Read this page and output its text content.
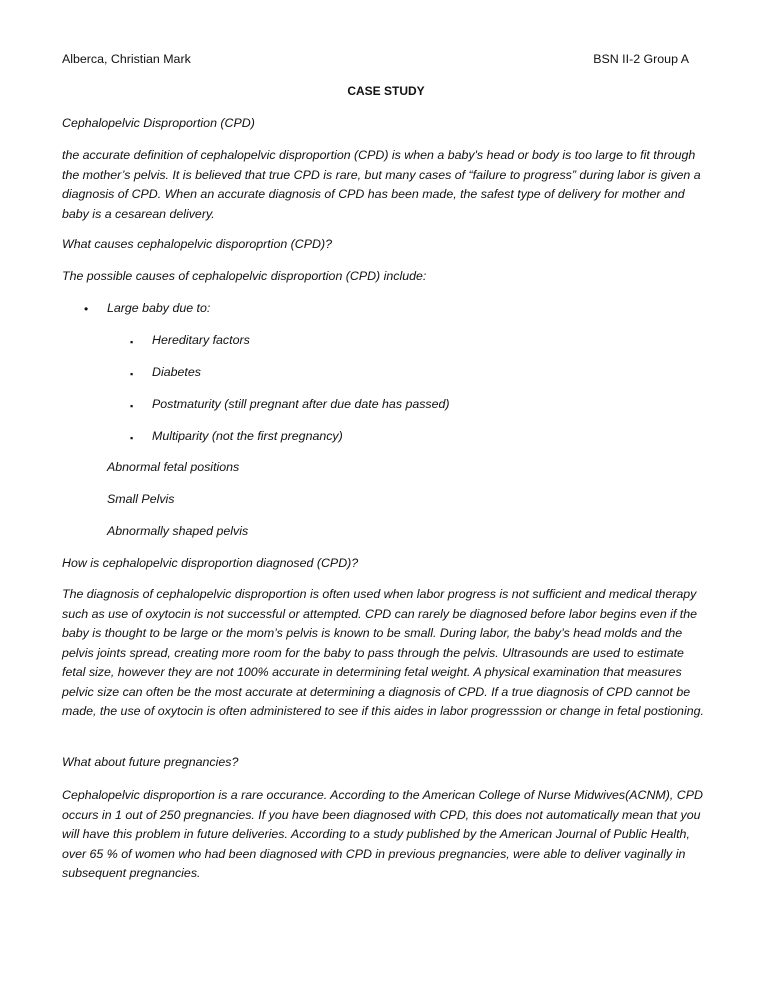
Alberca, Christian Mark	BSN II-2 Group A
CASE STUDY
Cephalopelvic Disproportion (CPD)

the accurate definition of cephalopelvic disproportion (CPD) is when a baby's head or body is too large to fit through the mother’s pelvis. It is believed that true CPD is rare, but many cases of “failure to progress” during labor is given a diagnosis of CPD. When an accurate diagnosis of CPD has been made, the safest type of delivery for mother and baby is a cesarean delivery.

What causes cephalopelvic disporoprtion (CPD)?
The possible causes of cephalopelvic disproportion (CPD) include:
• Large baby due to:
▪ Hereditary factors
▪ Diabetes
▪ Postmaturity (still pregnant after due date has passed)
▪ Multiparity (not the first pregnancy)
Abnormal fetal positions
Small Pelvis
Abnormally shaped pelvis
How is cephalopelvic disproportion diagnosed (CPD)?

The diagnosis of cephalopelvic disproportion is often used when labor progress is not sufficient and medical therapy such as use of oxytocin is not successful or attempted. CPD can rarely be diagnosed before labor begins even if the baby is thought to be large or the mom’s pelvis is known to be small. During labor, the baby’s head molds and the pelvis joints spread, creating more room for the baby to pass through the pelvis. Ultrasounds are used to estimate fetal size, however they are not 100% accurate in determining fetal weight. A physical examination that measures pelvic size can often be the most accurate at determining a diagnosis of CPD. If a true diagnosis of CPD cannot be made, the use of oxytocin is often administered to see if this aides in labor progresssion or change in fetal postioning.

What about future pregnancies?

Cephalopelvic disproportion is a rare occurance. According to the American College of Nurse Midwives(ACNM), CPD occurs in 1 out of 250 pregnancies. If you have been diagnosed with CPD, this does not automatically mean that you will have this problem in future deliveries. According to a study published by the American Journal of Public Health, over 65 % of women who had been diagnosed with CPD in previous pregnancies, were able to deliver vaginally in subsequent pregnancies.
